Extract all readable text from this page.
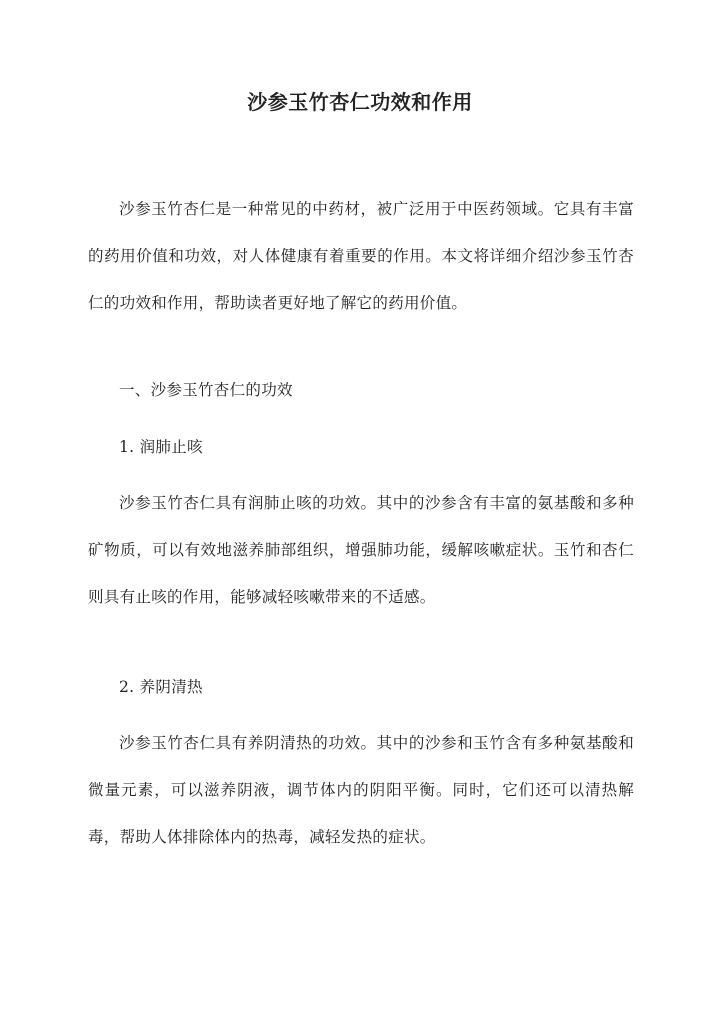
沙参玉竹杏仁功效和作用

沙参玉竹杏仁是一种常见的中药材，被广泛用于中医药领域。它具有丰富的药用价值和功效，对人体健康有着重要的作用。本文将详细介绍沙参玉竹杏仁的功效和作用，帮助读者更好地了解它的药用价值。

一、沙参玉竹杏仁的功效

1. 润肺止咳

沙参玉竹杏仁具有润肺止咳的功效。其中的沙参含有丰富的氨基酸和多种矿物质，可以有效地滋养肺部组织，增强肺功能，缓解咳嗽症状。玉竹和杏仁则具有止咳的作用，能够减轻咳嗽带来的不适感。

2. 养阴清热

沙参玉竹杏仁具有养阴清热的功效。其中的沙参和玉竹含有多种氨基酸和微量元素，可以滋养阴液，调节体内的阴阳平衡。同时，它们还可以清热解毒，帮助人体排除体内的热毒，减轻发热的症状。
